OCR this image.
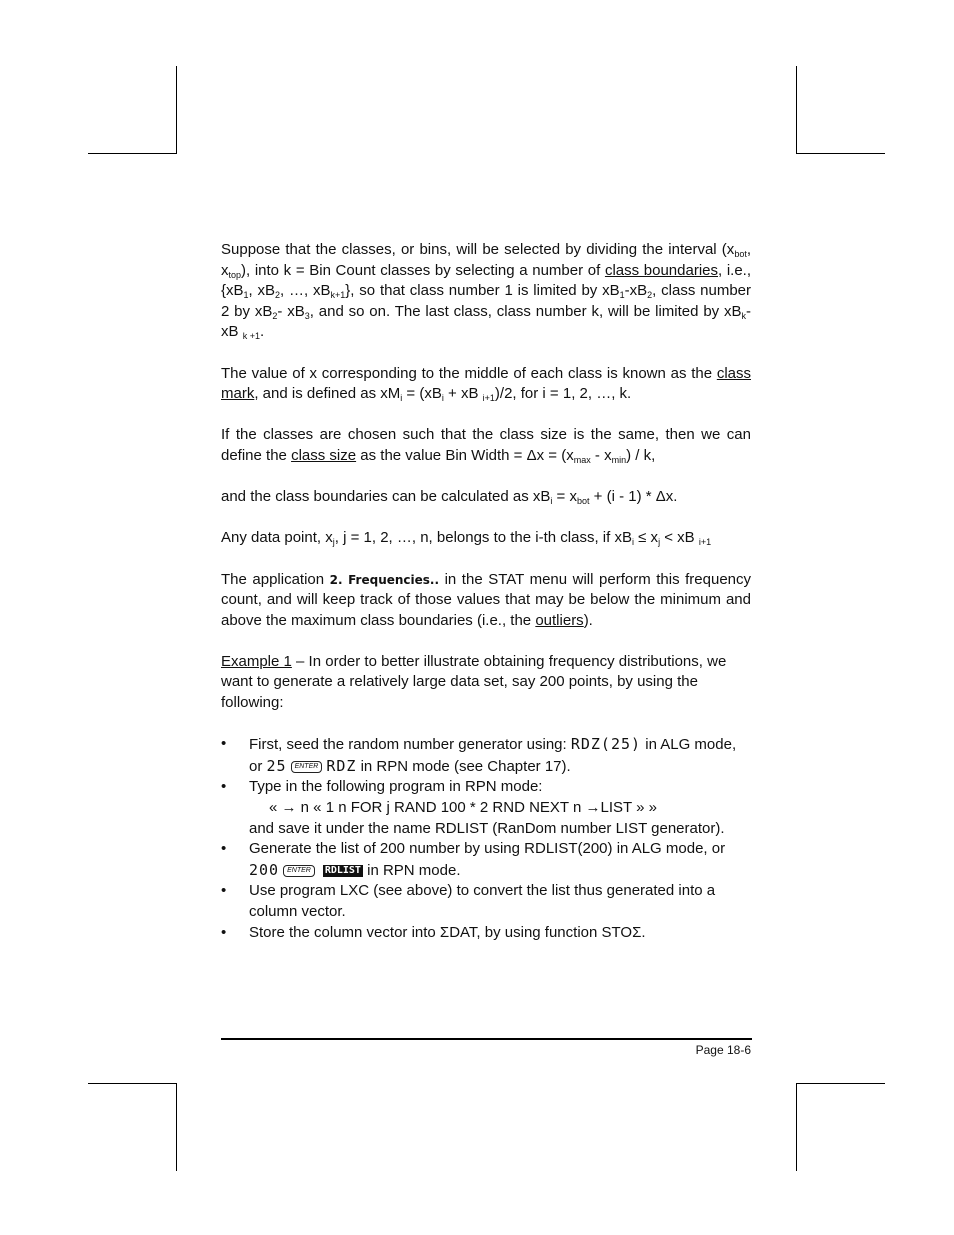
Suppose that the classes, or bins, will be selected by dividing the interval ($x_{bot}$, $x_{top}$), into k = Bin Count classes by selecting a number of class boundaries, i.e., {$xB_1$, $xB_2$, …, $xB_{k+1}$}, so that class number 1 is limited by $xB_1-xB_2$, class number 2 by $xB_2-$ $xB_3$, and so on. The last class, class number k, will be limited by $xB_k-$ xB $_{k +1}$.

The value of x corresponding to the middle of each class is known as the class mark, and is defined as $xM_i = (xB_i$ + xB $_{i+1}$)/2, for i = 1, 2, …, k.

If the classes are chosen such that the class size is the same, then we can define the class size as the value Bin Width = $\Delta x = (x_{max} - x_{min}) / k$,

and the class boundaries can be calculated as $xB_i = x_{bot} + (i - 1) * \Delta x$.

Any data point, $x_j$, j = 1, 2, …, n, belongs to the i-th class, if $xB_i \le x_j$ < xB $_{i+1}$

The application 2. Frequencies.. in the STAT menu will perform this frequency count, and will keep track of those values that may be below the minimum and above the maximum class boundaries (i.e., the outliers).

Example 1 – In order to better illustrate obtaining frequency distributions, we want to generate a relatively large data set, say 200 points, by using the following:

• First, seed the random number generator using: RDZ(25) in ALG mode, or 25 ENTER RDZ in RPN mode (see Chapter 17).
• Type in the following program in RPN mode:
« → n « 1 n FOR j RAND 100 * 2 RND NEXT n →LIST » »
and save it under the name RDLIST (RanDom number LIST generator).
• Generate the list of 200 number by using RDLIST(200) in ALG mode, or 200 ENTER RDLIST in RPN mode.
• Use program LXC (see above) to convert the list thus generated into a column vector.
• Store the column vector into ΣDAT, by using function STOΣ.
Page 18-6
